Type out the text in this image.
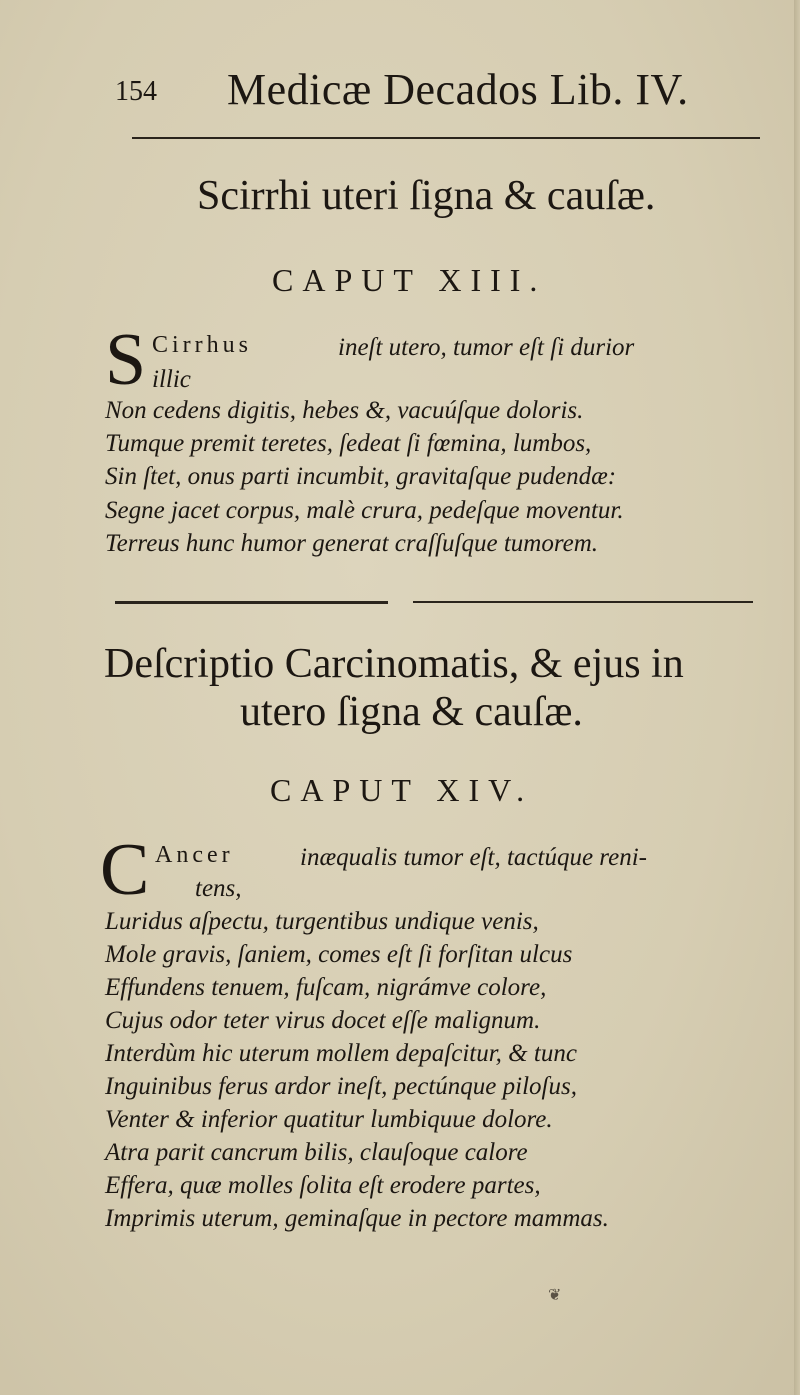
154 Medicæ Decados Lib. IV.
Scirrhi uteri ſigna & cauſæ.
CAPUT XIII.
S Cirrhus	ineſt utero, tumor eſt ſi durior
illic
Non cedens digitis, hebes &, vacuúſque doloris.
Tumque premit teretes, ſedeat ſi fœmina, lumbos,
Sin ſtet, onus parti incumbit, gravitaſque pudendæ:
Segne jacet corpus, malè crura, pedeſque moventur.
Terreus hunc humor generat craſſuſque tumorem.
Deſcriptio Carcinomatis, & ejus in
utero ſigna & cauſæ.
CAPUT XIV.
C Ancer	inæqualis tumor eſt, tactúque reni-
tens,
Luridus aſpectu, turgentibus undique venis,
Mole gravis, ſaniem, comes eſt ſi forſitan ulcus
Effundens tenuem, fuſcam, nigrámve colore,
Cujus odor teter virus docet eſſe malignum.
Interdùm hic uterum mollem depaſcitur, & tunc
Inguinibus ferus ardor ineſt, pectúnque piloſus,
Venter & inferior quatitur lumbiquue dolore.
Atra parit cancrum bilis, clauſoque calore
Effera, quæ molles ſolita eſt erodere partes,
Imprimis uterum, geminaſque in pectore mammas.
❦
